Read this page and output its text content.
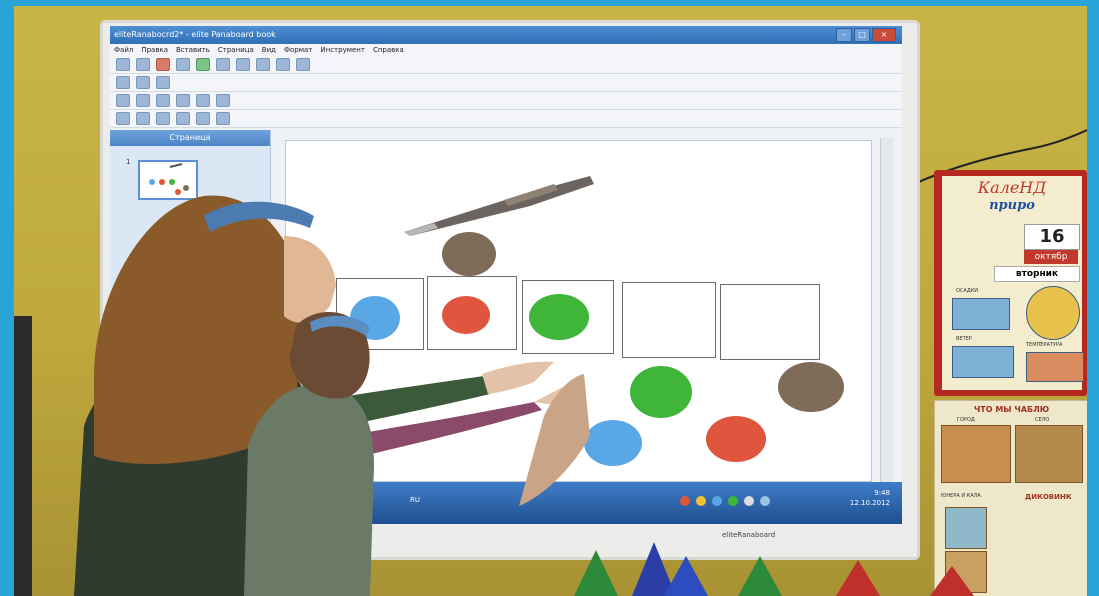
eliteRanabocrd2* - elite Panaboard book	–	□	×
Файл Правка Вставить Страница Вид Формат Инструмент Справка
Страница
1
RU
9:48
12.10.2012
eliteRanaboard
КалеНД
приро
16
октябр
вторник
ОСАДКИ
ВЕТЕР
ТЕМПЕРАТУРА
ЧТО МЫ ЧАБЛЮ
ГОРОД	СЕЛО
ЮНЕРА И КАЛА	ДИКОВИНК
